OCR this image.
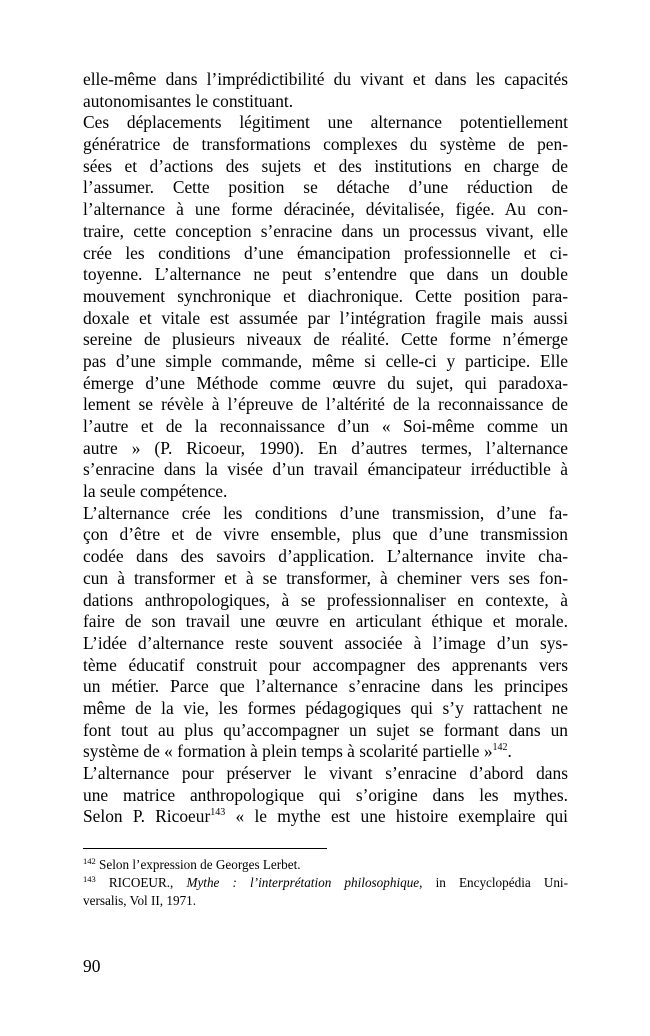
elle-même dans l’imprédictibilité du vivant et dans les capacités
autonomisantes le constituant.
Ces déplacements légitiment une alternance potentiellement
génératrice de transformations complexes du système de pen-
sées et d’actions des sujets et des institutions en charge de
l’assumer. Cette position se détache d’une réduction de
l’alternance à une forme déracinée, dévitalisée, figée. Au con-
traire, cette conception s’enracine dans un processus vivant, elle
crée les conditions d’une émancipation professionnelle et ci-
toyenne. L’alternance ne peut s’entendre que dans un double
mouvement synchronique et diachronique. Cette position para-
doxale et vitale est assumée par l’intégration fragile mais aussi
sereine de plusieurs niveaux de réalité. Cette forme n’émerge
pas d’une simple commande, même si celle-ci y participe. Elle
émerge d’une Méthode comme œuvre du sujet, qui paradoxa-
lement se révèle à l’épreuve de l’altérité de la reconnaissance de
l’autre et de la reconnaissance d’un « Soi-même comme un
autre » (P. Ricoeur, 1990). En d’autres termes, l’alternance
s’enracine dans la visée d’un travail émancipateur irréductible à
la seule compétence.
L’alternance crée les conditions d’une transmission, d’une fa-
çon d’être et de vivre ensemble, plus que d’une transmission
codée dans des savoirs d’application. L’alternance invite cha-
cun à transformer et à se transformer, à cheminer vers ses fon-
dations anthropologiques, à se professionnaliser en contexte, à
faire de son travail une œuvre en articulant éthique et morale.
L’idée d’alternance reste souvent associée à l’image d’un sys-
tème éducatif construit pour accompagner des apprenants vers
un métier. Parce que l’alternance s’enracine dans les principes
même de la vie, les formes pédagogiques qui s’y rattachent ne
font tout au plus qu’accompagner un sujet se formant dans un
système de « formation à plein temps à scolarité partielle »$^{142}$.
L’alternance pour préserver le vivant s’enracine d’abord dans
une matrice anthropologique qui s’origine dans les mythes.
Selon P. Ricoeur$^{143}$ « le mythe est une histoire exemplaire qui
$^{142}$ Selon l’expression de Georges Lerbet.
$^{143}$ RICOEUR., Mythe : l’interprétation philosophique, in Encyclopédia Uni-
versalis, Vol II, 1971.
90
